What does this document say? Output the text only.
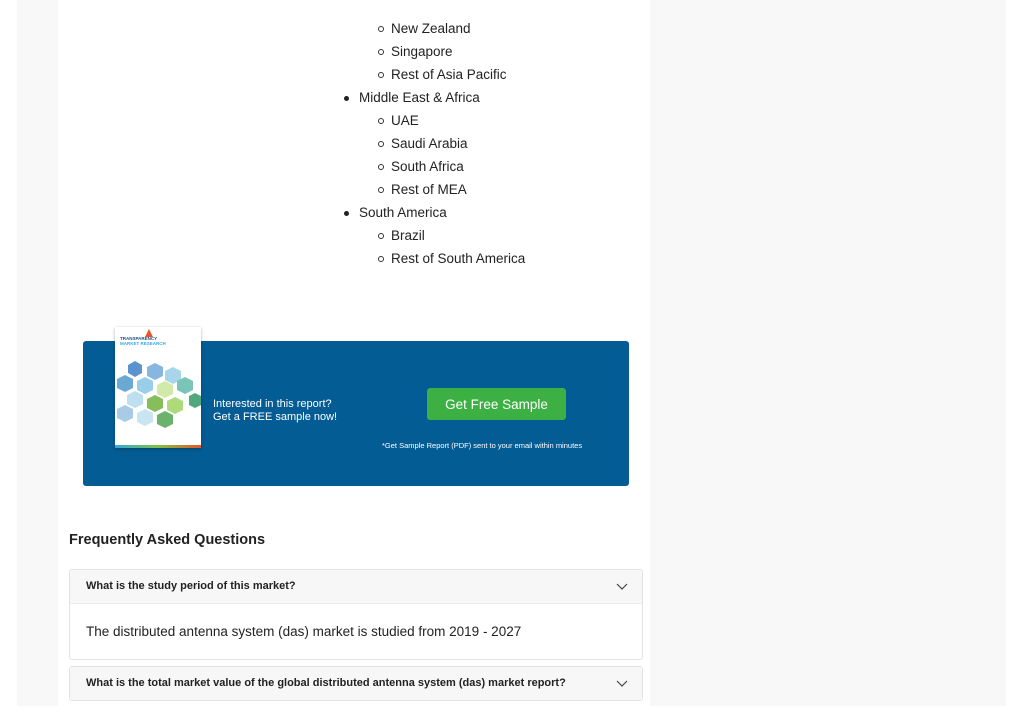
New Zealand
Singapore
Rest of Asia Pacific
Middle East & Africa
UAE
Saudi Arabia
South Africa
Rest of MEA
South America
Brazil
Rest of South America
TRANSPARENCY
MARKET RESEARCH
Interested in this report?
Get a FREE sample now!
Get Free Sample
*Get Sample Report (PDF) sent to your email within minutes
Frequently Asked Questions
What is the study period of this market?
The distributed antenna system (das) market is studied from 2019 - 2027
What is the total market value of the global distributed antenna system (das) market report?
